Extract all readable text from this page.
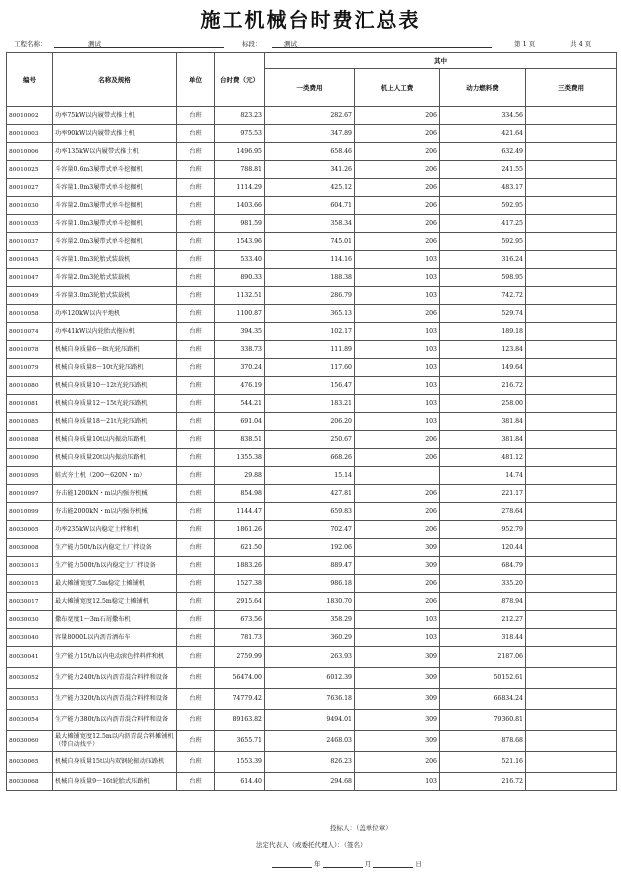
施工机械台时费汇总表
工程名称：	测试	标段：	测试	第 1 页	共 4 页
编号	名称及规格	单位	台时费（元）	其中			
				一类费用	机上人工费	动力燃料费	三类费用
80010002	功率75kW以内履带式推土机	台班	823.23	282.67	206	334.56	
80010003	功率90kW以内履带式推土机	台班	975.53	347.89	206	421.64	
80010006	功率135kW以内履带式推土机	台班	1496.95	658.46	206	632.49	
80010025	斗容量0.6m3履带式单斗挖掘机	台班	788.81	341.26	206	241.55	
80010027	斗容量1.0m3履带式单斗挖掘机	台班	1114.29	425.12	206	483.17	
80010030	斗容量2.0m3履带式单斗挖掘机	台班	1403.66	604.71	206	592.95	
80010035	斗容量1.0m3履带式单斗挖掘机	台班	981.59	358.34	206	417.25	
80010037	斗容量2.0m3履带式单斗挖掘机	台班	1543.96	745.01	206	592.95	
80010045	斗容量1.0m3轮胎式装载机	台班	533.40	114.16	103	316.24	
80010047	斗容量2.0m3轮胎式装载机	台班	890.33	188.38	103	598.95	
80010049	斗容量3.0m3轮胎式装载机	台班	1132.51	286.79	103	742.72	
80010058	功率120kW以内平地机	台班	1100.87	365.13	206	529.74	
80010074	功率41kW以内轮胎式拖拉机	台班	394.35	102.17	103	189.18	
80010078	机械自身质量6～8t光轮压路机	台班	338.73	111.89	103	123.84	
80010079	机械自身质量8～10t光轮压路机	台班	370.24	117.60	103	149.64	
80010080	机械自身质量10～12t光轮压路机	台班	476.19	156.47	103	216.72	
80010081	机械自身质量12～15t光轮压路机	台班	544.21	183.21	103	258.00	
80010085	机械自身质量18～21t光轮压路机	台班	691.04	206.20	103	381.84	
80010088	机械自身质量10t以内振动压路机	台班	838.51	250.67	206	381.84	
80010090	机械自身质量20t以内振动压路机	台班	1355.38	668.26	206	481.12	
80010095	蛙式夯土机（200～620N・m）	台班	29.88	15.14		14.74	
80010097	夯击能1200kN・m以内强夯机械	台班	854.98	427.81	206	221.17	
80010099	夯击能2000kN・m以内强夯机械	台班	1144.47	659.83	206	278.64	
80030005	功率235kW以内稳定土拌和机	台班	1861.26	702.47	206	952.79	
80030008	生产能力50t/h以内稳定土厂拌设备	台班	621.50	192.06	309	120.44	
80030013	生产能力500t/h以内稳定土厂拌设备	台班	1883.26	889.47	309	684.79	
80030015	最大摊铺宽度7.5m稳定土摊铺机	台班	1527.38	986.18	206	335.20	
80030017	最大摊铺宽度12.5m稳定土摊铺机	台班	2915.64	1830.70	206	878.94	
80030030	撒布宽度1～3m石屑撒布机	台班	673.56	358.29	103	212.27	
80030040	容量8000L以内沥青洒布车	台班	781.73	360.29	103	318.44	
80030041	生产能力15t/h以内电动滚色拌料拌和机	台班	2759.99	263.93	309	2187.06	
80030052	生产能力240t/h以内沥青混合料拌和设备	台班	56474.00	6012.39	309	50152.61	
80030053	生产能力320t/h以内沥青混合料拌和设备	台班	74779.42	7636.18	309	66834.24	
80030054	生产能力380t/h以内沥青混合料拌和设备	台班	89163.82	9494.01	309	79360.81	
80030060	最大摊铺宽度12.5m以内沥青混合料摊铺机（带自动找平）	台班	3655.71	2468.03	309	878.68	
80030065	机械自身质量15t以内双钢轮振动压路机	台班	1553.39	826.23	206	521.16	
80030068	机械自身质量9～16t轮胎式压路机	台班	614.40	294.68	103	216.72	
投标人：（盖单位章）
法定代表人（或委托代理人）：（签名）
年	月	日
